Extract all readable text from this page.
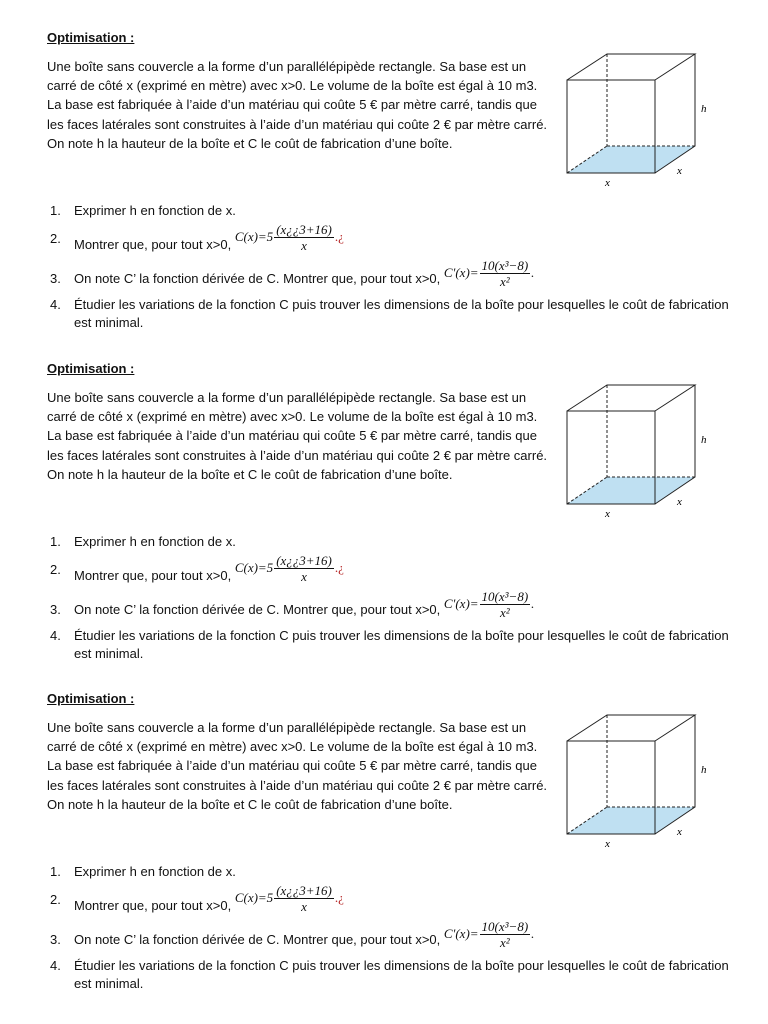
Optimisation :

Une boîte sans couvercle a la forme d’un parallélépipède rectangle. Sa base est un carré de côté x (exprimé en mètre) avec x>0. Le volume de la boîte est égal à 10 m3.

La base est fabriquée à l’aide d’un matériau qui coûte 5 € par mètre carré, tandis que les faces latérales sont construites à l’aide d’un matériau qui coûte 2 € par mètre carré.

On note h la hauteur de la boîte et C le coût de fabrication d’une boîte.

1.	Exprimer h en fonction de x.
2.	Montrer que, pour tout x>0, $C(x)=5 \frac{(x¿¿3+16)}{x}$ .¿
3.	On note C’ la fonction dérivée de C. Montrer que, pour tout x>0, $C'(x)= \frac{\text{10(x³−8)}}{\text{x²}}$ .
4.	Étudier les variations de la fonction C puis trouver les dimensions de la boîte pour lesquelles le coût de fabrication est minimal.
h
x
x
Optimisation :

Une boîte sans couvercle a la forme d’un parallélépipède rectangle. Sa base est un carré de côté x (exprimé en mètre) avec x>0. Le volume de la boîte est égal à 10 m3.

La base est fabriquée à l’aide d’un matériau qui coûte 5 € par mètre carré, tandis que les faces latérales sont construites à l’aide d’un matériau qui coûte 2 € par mètre carré.

On note h la hauteur de la boîte et C le coût de fabrication d’une boîte.

1.	Exprimer h en fonction de x.
2.	Montrer que, pour tout x>0, $C(x)=5 \frac{(x¿¿3+16)}{x}$ .¿
3.	On note C’ la fonction dérivée de C. Montrer que, pour tout x>0, $C'(x)= \frac{\text{10(x³−8)}}{\text{x²}}$ .
4.	Étudier les variations de la fonction C puis trouver les dimensions de la boîte pour lesquelles le coût de fabrication est minimal.
h
x
x
Optimisation :

Une boîte sans couvercle a la forme d’un parallélépipède rectangle. Sa base est un carré de côté x (exprimé en mètre) avec x>0. Le volume de la boîte est égal à 10 m3.

La base est fabriquée à l’aide d’un matériau qui coûte 5 € par mètre carré, tandis que les faces latérales sont construites à l’aide d’un matériau qui coûte 2 € par mètre carré.

On note h la hauteur de la boîte et C le coût de fabrication d’une boîte.

1.	Exprimer h en fonction de x.
2.	Montrer que, pour tout x>0, $C(x)=5 \frac{(x¿¿3+16)}{x}$ .¿
3.	On note C’ la fonction dérivée de C. Montrer que, pour tout x>0, $C'(x)= \frac{\text{10(x³−8)}}{\text{x²}}$ .
4.	Étudier les variations de la fonction C puis trouver les dimensions de la boîte pour lesquelles le coût de fabrication est minimal.
h
x
x
